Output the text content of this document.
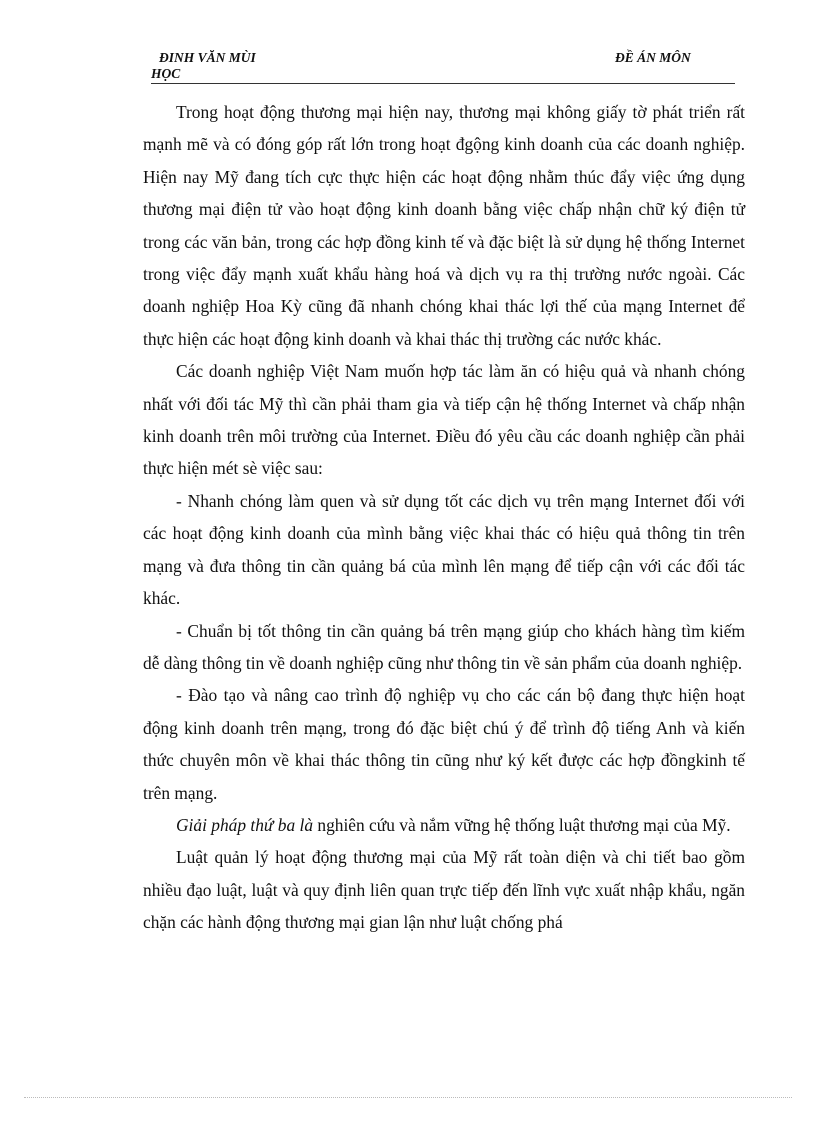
ĐINH VĂN MÙI
HỌC
ĐỀ ÁN MÔN

Trong hoạt động thương mại hiện nay, thương mại không giấy tờ phát triển rất mạnh mẽ và có đóng góp rất lớn trong hoạt đgộng kinh doanh của các doanh nghiệp. Hiện nay Mỹ đang tích cực thực hiện các hoạt động nhằm thúc đẩy việc ứng dụng thương mại điện tử vào hoạt động kinh doanh bằng việc chấp nhận chữ ký điện tử trong các văn bản, trong các hợp đồng kinh tế và đặc biệt là sử dụng hệ thống Internet trong việc đẩy mạnh xuất khẩu hàng hoá và dịch vụ ra thị trường nước ngoài. Các doanh nghiệp Hoa Kỳ cũng đã nhanh chóng khai thác lợi thế của mạng Internet để thực hiện các hoạt động kinh doanh và khai thác thị trường các nước khác.

Các doanh nghiệp Việt Nam muốn hợp tác làm ăn có hiệu quả và nhanh chóng nhất với đối tác Mỹ thì cần phải tham gia và tiếp cận hệ thống Internet và chấp nhận kinh doanh trên môi trường của Internet. Điều đó yêu cầu các doanh nghiệp cần phải thực hiện mét sè việc sau:

- Nhanh chóng làm quen và sử dụng tốt các dịch vụ trên mạng Internet đối với các hoạt động kinh doanh của mình bằng việc khai thác có hiệu quả thông tin trên mạng và đưa thông tin cần quảng bá của mình lên mạng để tiếp cận với các đối tác khác.

- Chuẩn bị tốt thông tin cần quảng bá trên mạng giúp cho khách hàng tìm kiếm dễ dàng thông tin về doanh nghiệp cũng như thông tin về sản phẩm của doanh nghiệp.

- Đào tạo và nâng cao trình độ nghiệp vụ cho các cán bộ đang thực hiện hoạt động kinh doanh trên mạng, trong đó đặc biệt chú ý để trình độ tiếng Anh và kiến thức chuyên môn về khai thác thông tin cũng như ký kết được các hợp đồngkinh tế trên mạng.

Giải pháp thứ ba là nghiên cứu và nắm vững hệ thống luật thương mại của Mỹ.

Luật quản lý hoạt động thương mại của Mỹ rất toàn diện và chi tiết bao gồm nhiều đạo luật, luật và quy định liên quan trực tiếp đến lĩnh vực xuất nhập khẩu, ngăn chặn các hành động thương mại gian lận như luật chống phá
